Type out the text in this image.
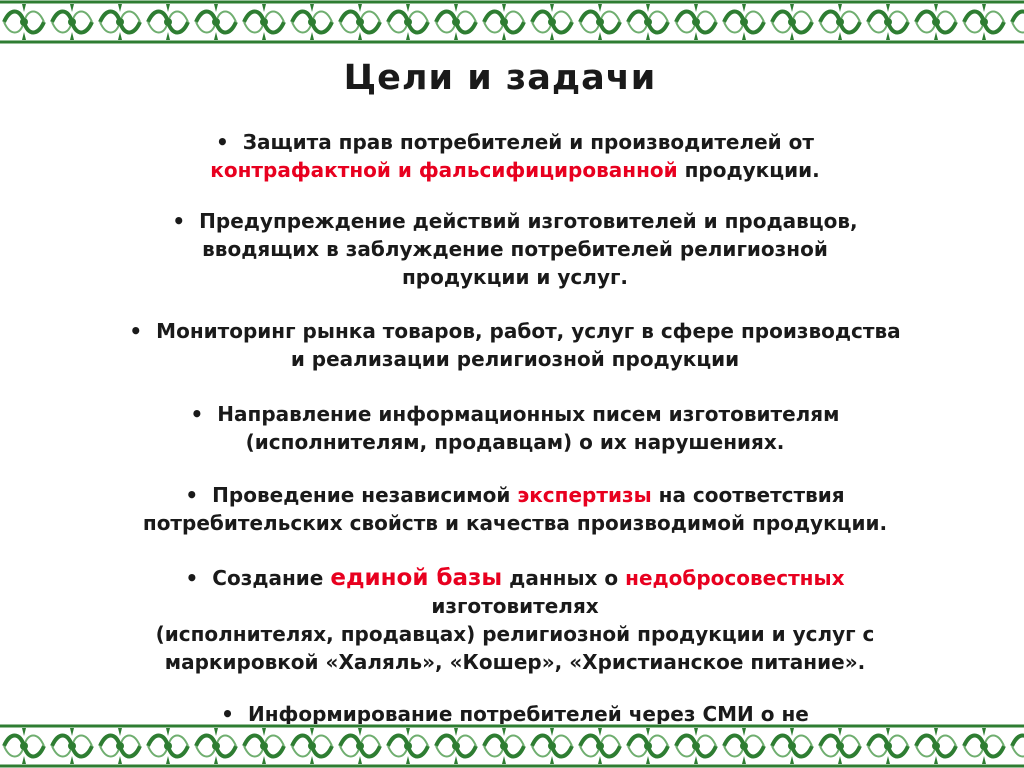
Цели и задачи
• Защита прав потребителей и производителей от
контрафактной и фальсифицированной продукции.
• Предупреждение действий изготовителей и продавцов,
вводящих в заблуждение потребителей религиозной
продукции и услуг.
• Мониторинг рынка товаров, работ, услуг в сфере производства
и реализации религиозной продукции
• Направление информационных писем изготовителям
(исполнителям, продавцам) о их нарушениях.
• Проведение независимой экспертизы на соответствия
потребительских свойств и качества производимой продукции.
• Создание единой базы данных о недобросовестных
изготовителях
(исполнителях, продавцах) религиозной продукции и услуг с
маркировкой «Халяль», «Кошер», «Христианское питание».
• Информирование потребителей через СМИ о не
